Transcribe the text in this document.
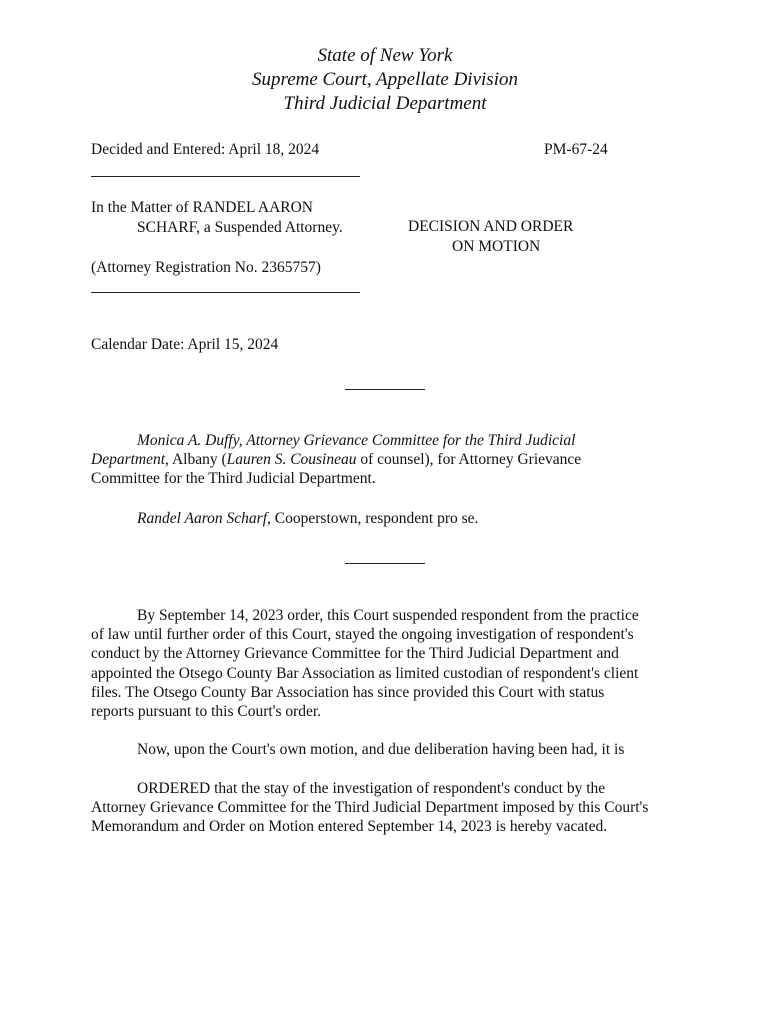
State of New York
Supreme Court, Appellate Division
Third Judicial Department
Decided and Entered: April 18, 2024	PM-67-24
In the Matter of RANDEL AARON
SCHARF, a Suspended Attorney.
(Attorney Registration No. 2365757)
DECISION AND ORDER
ON MOTION
Calendar Date: April 15, 2024

Monica A. Duffy, Attorney Grievance Committee for the Third Judicial
Department, Albany (Lauren S. Cousineau of counsel), for Attorney Grievance
Committee for the Third Judicial Department.

Randel Aaron Scharf, Cooperstown, respondent pro se.

By September 14, 2023 order, this Court suspended respondent from the practice
of law until further order of this Court, stayed the ongoing investigation of respondent's
conduct by the Attorney Grievance Committee for the Third Judicial Department and
appointed the Otsego County Bar Association as limited custodian of respondent's client
files. The Otsego County Bar Association has since provided this Court with status
reports pursuant to this Court's order.

Now, upon the Court's own motion, and due deliberation having been had, it is

ORDERED that the stay of the investigation of respondent's conduct by the
Attorney Grievance Committee for the Third Judicial Department imposed by this Court's
Memorandum and Order on Motion entered September 14, 2023 is hereby vacated.
